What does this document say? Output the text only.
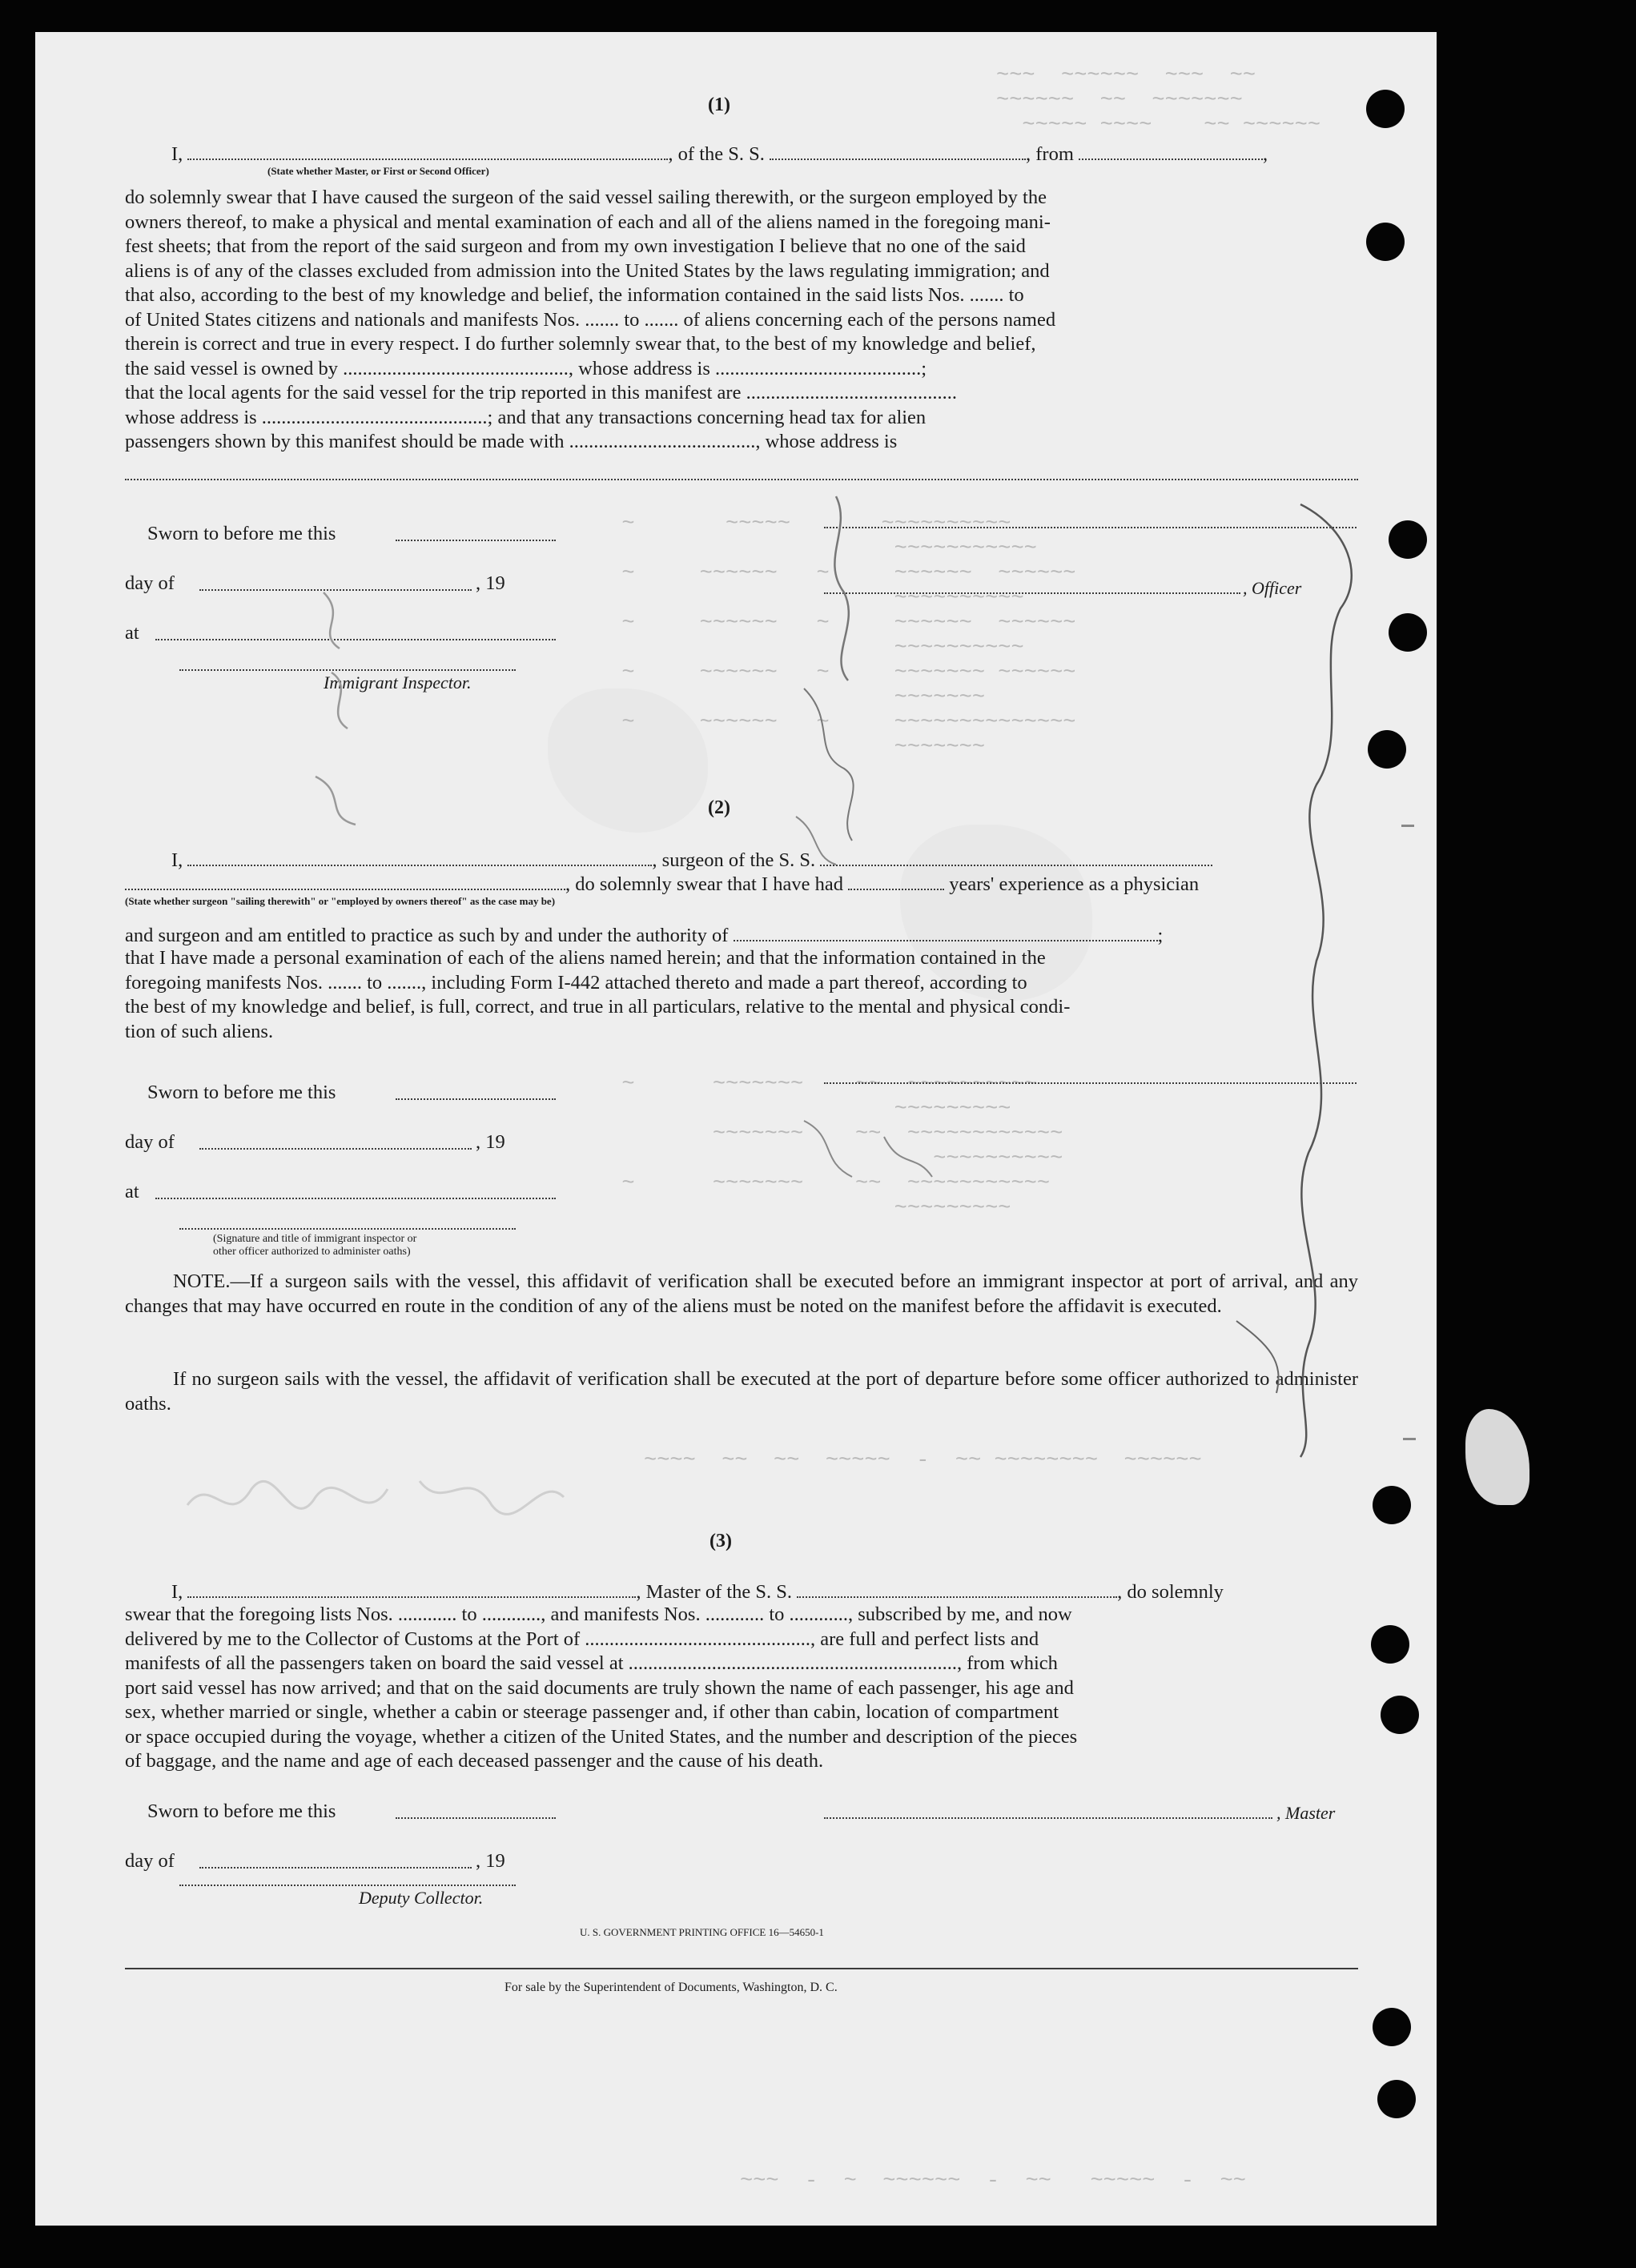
~~~  ~~~~~~  ~~~  ~~
~~~~~~  ~~  ~~~~~~~
~~~~~ ~~~~    ~~ ~~~~~~
~       ~~~~~       ~~~~~~~~~~
~~~~~~~~~~~
~     ~~~~~~   ~     ~~~~~~  ~~~~~~
~~~~~~~~~~
~     ~~~~~~   ~     ~~~~~~  ~~~~~~
~~~~~~~~~~
~     ~~~~~~   ~     ~~~~~~~ ~~~~~~
~~~~~~~
~     ~~~~~~   ~     ~~~~~~~~~~~~~~
~~~~~~~
~      ~~~~~~~    ~~  ~~~~~~~~~~
~~~~~~~~~
~~~~~~~    ~~  ~~~~~~~~~~~~
~~~~~~~~~~
~      ~~~~~~~    ~~  ~~~~~~~~~~~
~~~~~~~~~
~~~~  ~~  ~~  ~~~~~  -  ~~ ~~~~~~~~  ~~~~~~
~~~  -  ~  ~~~~~~  -  ~~   ~~~~~  -  ~~
(1)
I,	, of the S. S.	, from	,
(State whether Master, or First or Second Officer)
do solemnly swear that I have caused the surgeon of the said vessel sailing therewith, or the surgeon employed by the
owners thereof, to make a physical and mental examination of each and all of the aliens named in the foregoing mani-
fest sheets; that from the report of the said surgeon and from my own investigation I believe that no one of the said
aliens is of any of the classes excluded from admission into the United States by the laws regulating immigration; and
that also, according to the best of my knowledge and belief, the information contained in the said lists Nos. ....... to
of United States citizens and nationals and manifests Nos. ....... to ....... of aliens concerning each of the persons named
therein is correct and true in every respect. I do further solemnly swear that, to the best of my knowledge and belief,
the said vessel is owned by .............................................., whose address is ..........................................;
that the local agents for the said vessel for the trip reported in this manifest are ...........................................
whose address is ..............................................; and that any transactions concerning head tax for alien
passengers shown by this manifest should be made with ......................................, whose address is
Sworn to before me this
day of	, 19
at
Immigrant Inspector.
, Officer
(2)
I,	, surgeon of the S. S.
, do solemnly swear that I have had	years' experience as a physician
(State whether surgeon "sailing therewith" or "employed by owners thereof" as the case may be)
and surgeon and am entitled to practice as such by and under the authority of	;
that I have made a personal examination of each of the aliens named herein; and that the information contained in the
foregoing manifests Nos. ....... to ......., including Form I-442 attached thereto and made a part thereof, according to
the best of my knowledge and belief, is full, correct, and true in all particulars, relative to the mental and physical condi-
tion of such aliens.
Sworn to before me this
day of	, 19
at
(Signature and title of immigrant inspector or
other officer authorized to administer oaths)
NOTE.—If a surgeon sails with the vessel, this affidavit of verification shall be executed before an immigrant inspector at port of arrival, and any changes that may have occurred en route in the condition of any of the aliens must be noted on the manifest before the affidavit is executed.
If no surgeon sails with the vessel, the affidavit of verification shall be executed at the port of departure before some officer authorized to administer oaths.
(3)
I,	, Master of the S. S.	, do solemnly
swear that the foregoing lists Nos. ............ to ............, and manifests Nos. ............ to ............, subscribed by me, and now
delivered by me to the Collector of Customs at the Port of .............................................., are full and perfect lists and
manifests of all the passengers taken on board the said vessel at ..................................................................., from which
port said vessel has now arrived; and that on the said documents are truly shown the name of each passenger, his age and
sex, whether married or single, whether a cabin or steerage passenger and, if other than cabin, location of compartment
or space occupied during the voyage, whether a citizen of the United States, and the number and description of the pieces
of baggage, and the name and age of each deceased passenger and the cause of his death.
Sworn to before me this	, Master
day of	, 19
Deputy Collector.
U. S. GOVERNMENT PRINTING OFFICE 16—54650-1
For sale by the Superintendent of Documents, Washington, D. C.
